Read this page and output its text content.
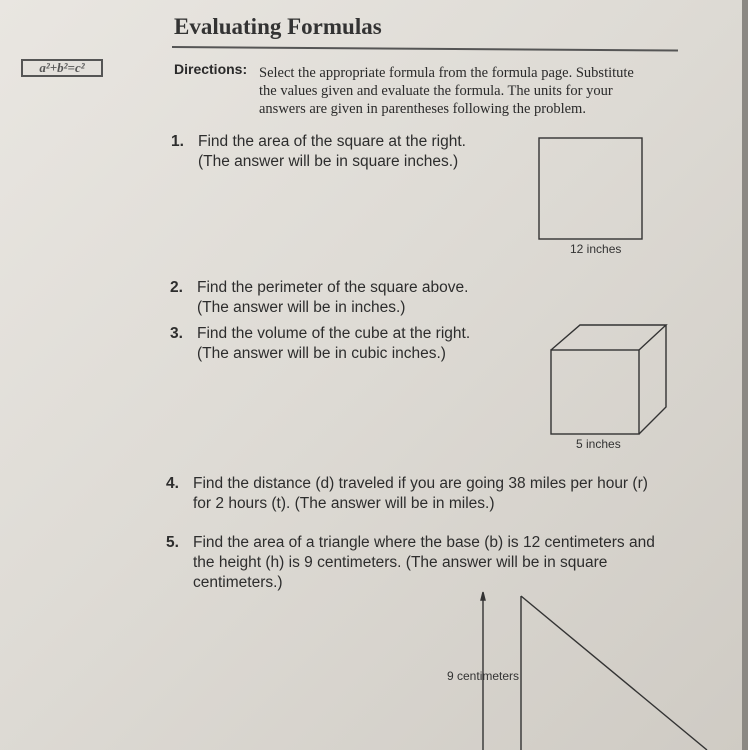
Evaluating Formulas
a²+b²=c²	Directions: Select the appropriate formula from the formula page. Substitute
the values given and evaluate the formula. The units for your
answers are given in parentheses following the problem.
1. Find the area of the square at the right.
(The answer will be in square inches.)
2. Find the perimeter of the square above.
(The answer will be in inches.)
3. Find the volume of the cube at the right.
(The answer will be in cubic inches.)
4. Find the distance (d) traveled if you are going 38 miles per hour (r)
for 2 hours (t). (The answer will be in miles.)
5. Find the area of a triangle where the base (b) is 12 centimeters and
the height (h) is 9 centimeters. (The answer will be in square
centimeters.)
12 inches
5 inches
9 centimeters
